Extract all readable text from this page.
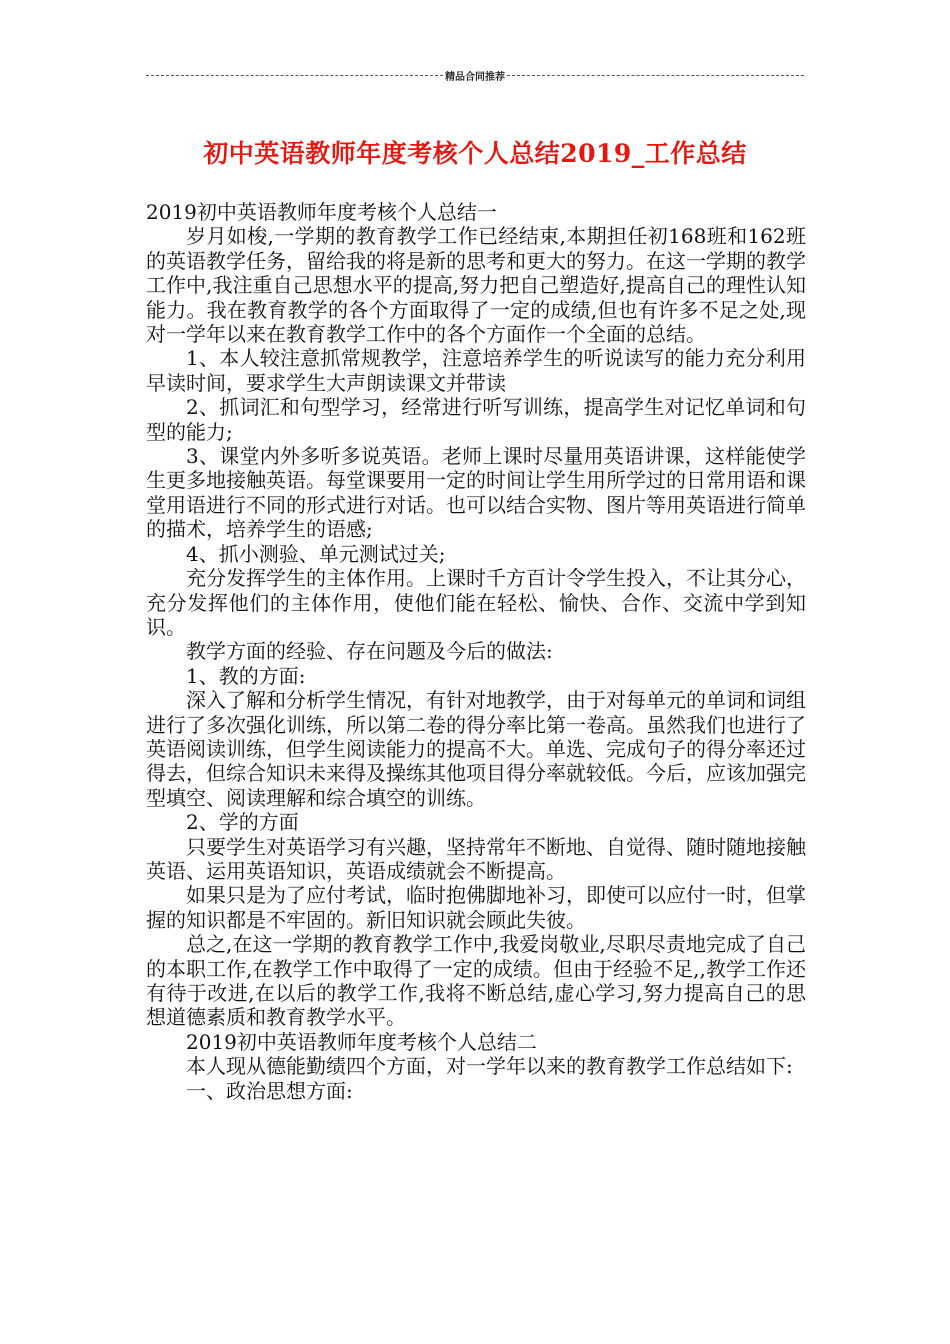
精品合同推荐
初中英语教师年度考核个人总结2019_工作总结

2019初中英语教师年度考核个人总结一

岁月如梭,一学期的教育教学工作已经结束,本期担任初168班和162班的英语教学任务，留给我的将是新的思考和更大的努力。在这一学期的教学工作中,我注重自己思想水平的提高,努力把自己塑造好,提高自己的理性认知能力。我在教育教学的各个方面取得了一定的成绩,但也有许多不足之处,现对一学年以来在教育教学工作中的各个方面作一个全面的总结。

1、本人较注意抓常规教学，注意培养学生的听说读写的能力充分利用早读时间，要求学生大声朗读课文并带读

2、抓词汇和句型学习，经常进行听写训练，提高学生对记忆单词和句型的能力;

3、课堂内外多听多说英语。老师上课时尽量用英语讲课，这样能使学生更多地接触英语。每堂课要用一定的时间让学生用所学过的日常用语和课堂用语进行不同的形式进行对话。也可以结合实物、图片等用英语进行简单的描术，培养学生的语感;

4、抓小测验、单元测试过关;

充分发挥学生的主体作用。上课时千方百计令学生投入，不让其分心，充分发挥他们的主体作用，使他们能在轻松、愉快、合作、交流中学到知识。

教学方面的经验、存在问题及今后的做法:

1、教的方面:

深入了解和分析学生情况，有针对地教学，由于对每单元的单词和词组进行了多次强化训练，所以第二卷的得分率比第一卷高。虽然我们也进行了英语阅读训练，但学生阅读能力的提高不大。单选、完成句子的得分率还过得去，但综合知识未来得及操练其他项目得分率就较低。今后，应该加强完型填空、阅读理解和综合填空的训练。

2、学的方面

只要学生对英语学习有兴趣，坚持常年不断地、自觉得、随时随地接触英语、运用英语知识，英语成绩就会不断提高。

如果只是为了应付考试，临时抱佛脚地补习，即使可以应付一时，但掌握的知识都是不牢固的。新旧知识就会顾此失彼。

总之,在这一学期的教育教学工作中,我爱岗敬业,尽职尽责地完成了自己的本职工作,在教学工作中取得了一定的成绩。但由于经验不足,,教学工作还有待于改进,在以后的教学工作,我将不断总结,虚心学习,努力提高自己的思想道德素质和教育教学水平。

2019初中英语教师年度考核个人总结二

本人现从德能勤绩四个方面，对一学年以来的教育教学工作总结如下:

一、政治思想方面:
